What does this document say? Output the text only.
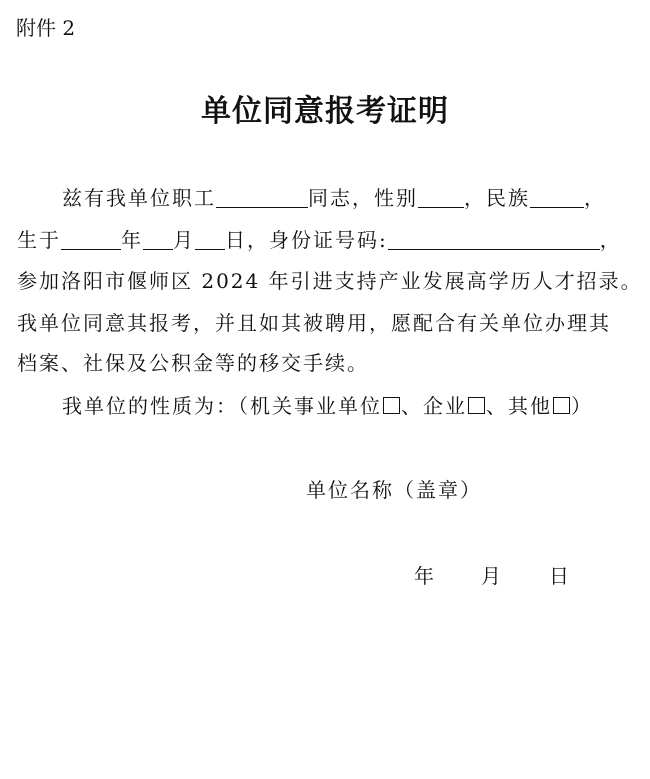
附件 2
单位同意报考证明
兹有我单位职工	同志，性别 ，民族	，
生于	年 月 日，身份证号码:	，
参加洛阳市偃师区 2024 年引进支持产业发展高学历人才招录。
我单位同意其报考，并且如其被聘用，愿配合有关单位办理其
档案、社保及公积金等的移交手续。
我单位的性质为：（机关事业单位 、企业 、其他 ）
单位名称（盖章）
年 月 日
